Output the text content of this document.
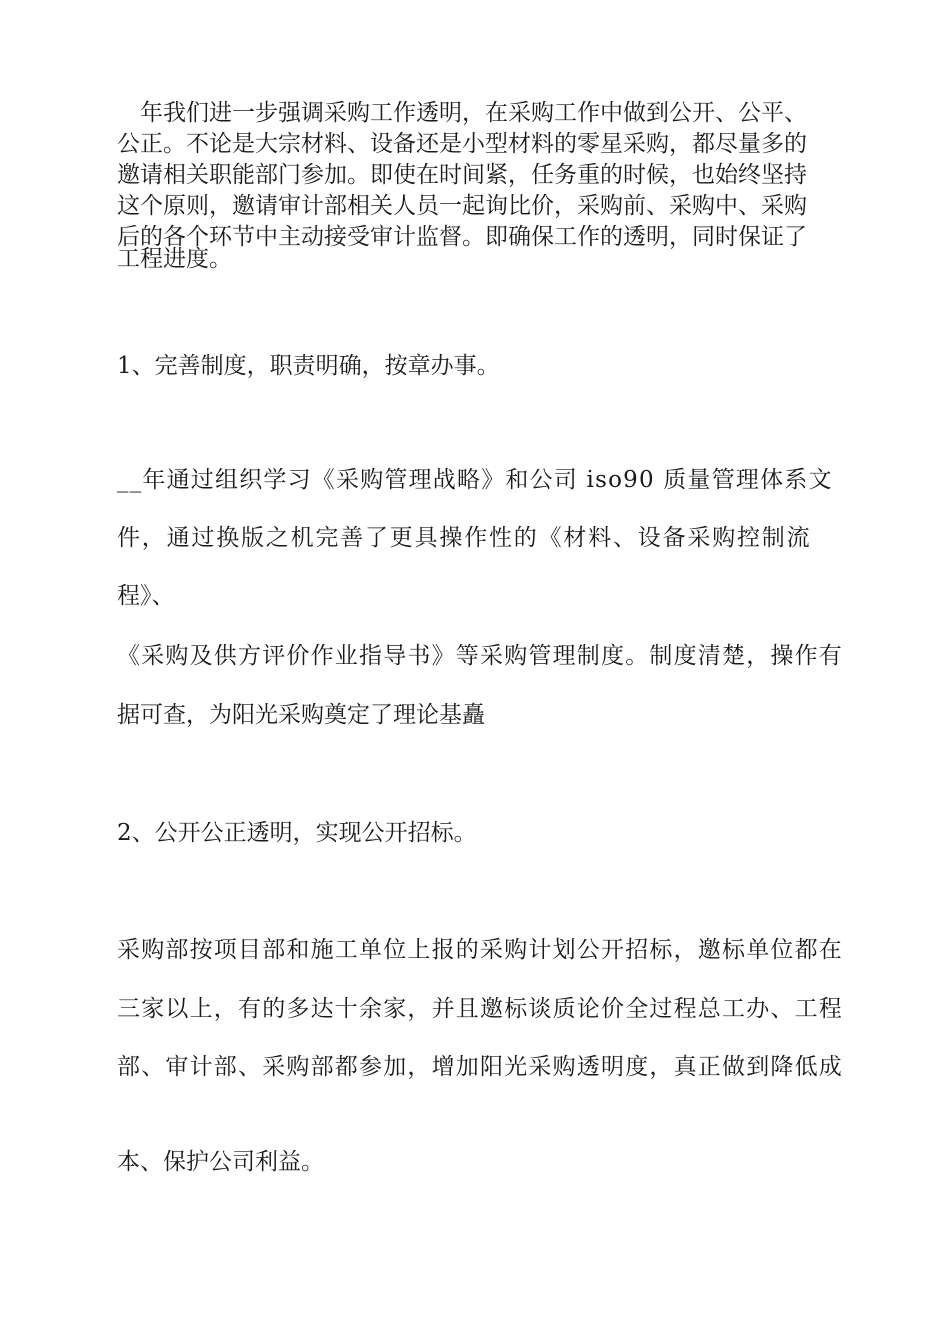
年我们进一步强调采购工作透明，在采购工作中做到公开、公平、
公正。不论是大宗材料、设备还是小型材料的零星采购，都尽量多的
邀请相关职能部门参加。即使在时间紧，任务重的时候，也始终坚持
这个原则，邀请审计部相关人员一起询比价，采购前、采购中、采购
后的各个环节中主动接受审计监督。即确保工作的透明，同时保证了
工程进度。
1、完善制度，职责明确，按章办事。
__年通过组织学习《采购管理战略》和公司 iso90 质量管理体系文
件，通过换版之机完善了更具操作性的《材料、设备采购控制流
程》、
《采购及供方评价作业指导书》等采购管理制度。制度清楚，操作有
据可查，为阳光采购奠定了理论基矗
2、公开公正透明，实现公开招标。
采购部按项目部和施工单位上报的采购计划公开招标，邀标单位都在
三家以上，有的多达十余家，并且邀标谈质论价全过程总工办、工程
部、审计部、采购部都参加，增加阳光采购透明度，真正做到降低成
本、保护公司利益。
